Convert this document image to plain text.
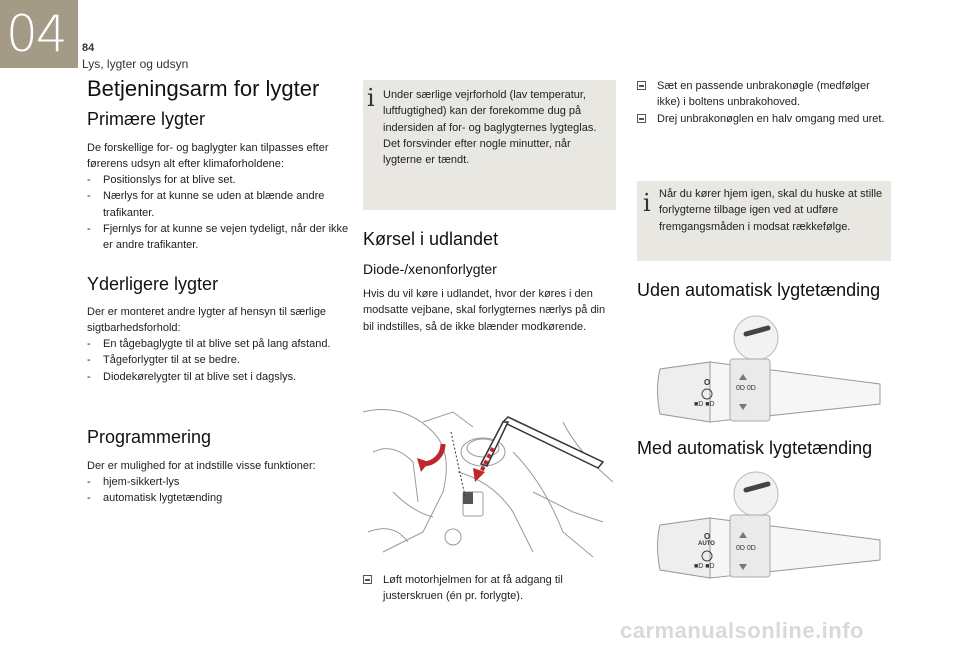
04 84
Lys, lygter og udsyn
Betjeningsarm for lygter
Primære lygter
De forskellige for- og baglygter kan tilpasses efter førerens udsyn alt efter klimaforholdene:
- Positionslys for at blive set.
- Nærlys for at kunne se uden at blænde andre trafikanter.
- Fjernlys for at kunne se vejen tydeligt, når der ikke er andre trafikanter.
Yderligere lygter
Der er monteret andre lygter af hensyn til særlige sigtbarhedsforhold:
- En tågebaglygte til at blive set på lang afstand.
- Tågeforlygter til at se bedre.
- Diodekørelygter til at blive set i dagslys.
Programmering
Der er mulighed for at indstille visse funktioner:
- hjem-sikkert-lys
- automatisk lygtetænding
i Under særlige vejrforhold (lav temperatur, luftfugtighed) kan der forekomme dug på indersiden af for- og baglygternes lygteglas. Det forsvinder efter nogle minutter, når lygterne er tændt.
Kørsel i udlandet
Diode-/xenonforlygter
Hvis du vil køre i udlandet, hvor der køres i den modsatte vejbane, skal forlygternes nærlys på din bil indstilles, så de ikke blænder modkørende.
Løft motorhjelmen for at få adgang til justerskruen (én pr. forlygte).
Sæt en passende unbrakonøgle (medfølger ikke) i boltens unbrakohoved.
Drej unbrakonøglen en halv omgang med uret.
i Når du kører hjem igen, skal du huske at stille forlygterne tilbage igen ved at udføre fremgangsmåden i modsat rækkefølge.
Uden automatisk lygtetænding
■D ■D
0D 0D
O
Med automatisk lygtetænding
■D ■D
0D 0D
O
AUTO
carmanualsonline.info
